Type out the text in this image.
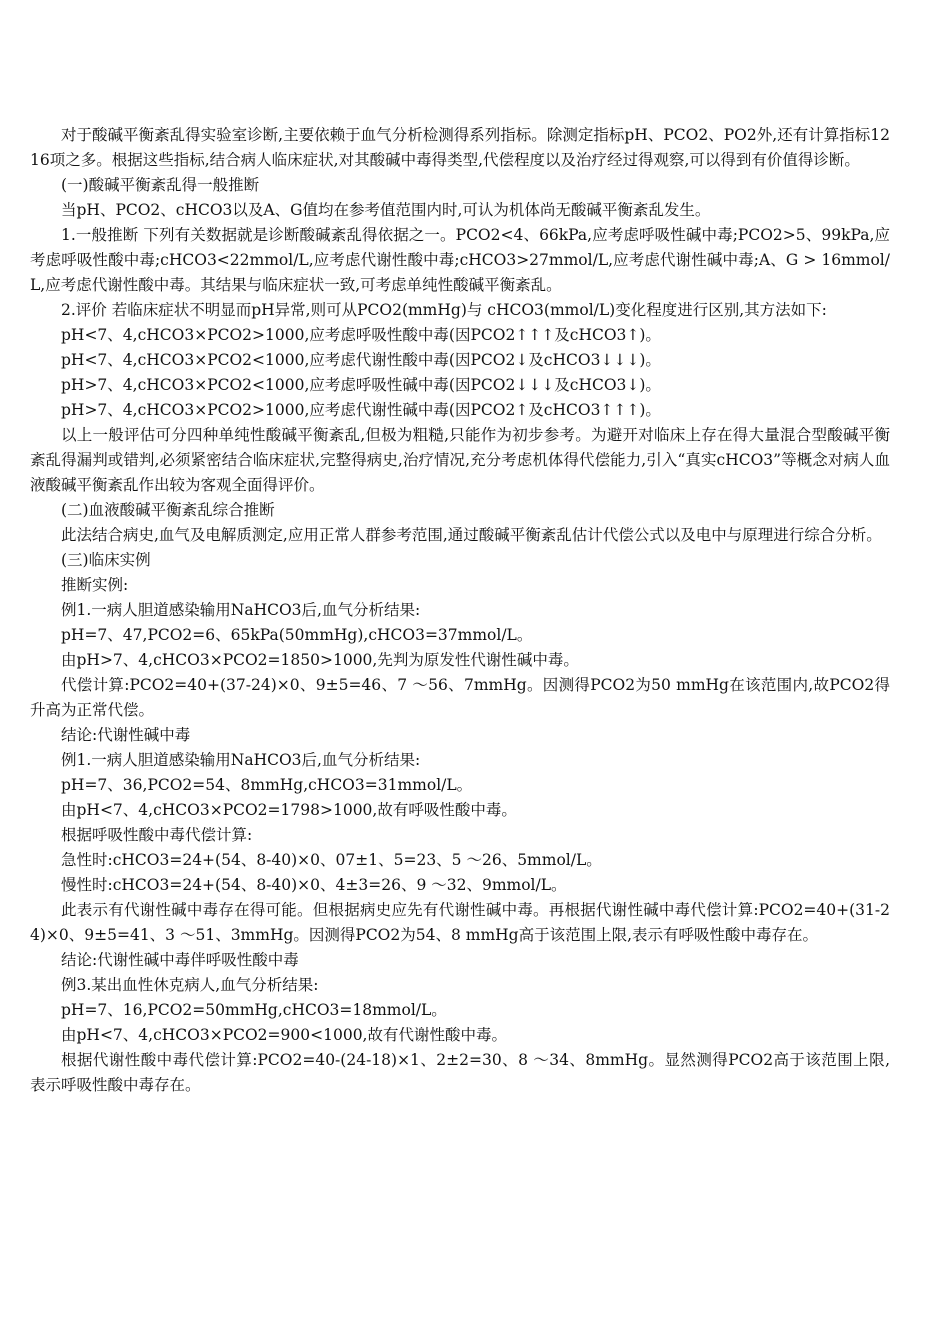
对于酸碱平衡紊乱得实验室诊断,主要依赖于血气分析检测得系列指标。除测定指标pH、PCO2、PO2外,还有计算指标1216项之多。根据这些指标,结合病人临床症状,对其酸碱中毒得类型,代偿程度以及治疗经过得观察,可以得到有价值得诊断。

(一)酸碱平衡紊乱得一般推断

当pH、PCO2、cHCO3以及A、G值均在参考值范围内时,可认为机体尚无酸碱平衡紊乱发生。

1.一般推断 下列有关数据就是诊断酸碱紊乱得依据之一。PCO2<4、66kPa,应考虑呼吸性碱中毒;PCO2>5、99kPa,应考虑呼吸性酸中毒;cHCO3<22mmol/L,应考虑代谢性酸中毒;cHCO3>27mmol/L,应考虑代谢性碱中毒;A、G > 16mmol/L,应考虑代谢性酸中毒。其结果与临床症状一致,可考虑单纯性酸碱平衡紊乱。

2.评价 若临床症状不明显而pH异常,则可从PCO2(mmHg)与 cHCO3(mmol/L)变化程度进行区别,其方法如下:

pH<7、4,cHCO3×PCO2>1000,应考虑呼吸性酸中毒(因PCO2↑↑↑及cHCO3↑)。

pH<7、4,cHCO3×PCO2<1000,应考虑代谢性酸中毒(因PCO2↓及cHCO3↓↓↓)。

pH>7、4,cHCO3×PCO2<1000,应考虑呼吸性碱中毒(因PCO2↓↓↓及cHCO3↓)。

pH>7、4,cHCO3×PCO2>1000,应考虑代谢性碱中毒(因PCO2↑及cHCO3↑↑↑)。

以上一般评估可分四种单纯性酸碱平衡紊乱,但极为粗糙,只能作为初步参考。为避开对临床上存在得大量混合型酸碱平衡紊乱得漏判或错判,必须紧密结合临床症状,完整得病史,治疗情况,充分考虑机体得代偿能力,引入“真实cHCO3”等概念对病人血液酸碱平衡紊乱作出较为客观全面得评价。

(二)血液酸碱平衡紊乱综合推断

此法结合病史,血气及电解质测定,应用正常人群参考范围,通过酸碱平衡紊乱估计代偿公式以及电中与原理进行综合分析。

(三)临床实例

推断实例:

例1.一病人胆道感染输用NaHCO3后,血气分析结果:

pH=7、47,PCO2=6、65kPa(50mmHg),cHCO3=37mmol/L。

由pH>7、4,cHCO3×PCO2=1850>1000,先判为原发性代谢性碱中毒。

代偿计算:PCO2=40+(37-24)×0、9±5=46、7 ～56、7mmHg。因测得PCO2为50 mmHg在该范围内,故PCO2得升高为正常代偿。

结论:代谢性碱中毒

例1.一病人胆道感染输用NaHCO3后,血气分析结果:

pH=7、36,PCO2=54、8mmHg,cHCO3=31mmol/L。

由pH<7、4,cHCO3×PCO2=1798>1000,故有呼吸性酸中毒。

根据呼吸性酸中毒代偿计算:

急性时:cHCO3=24+(54、8-40)×0、07±1、5=23、5 ～26、5mmol/L。

慢性时:cHCO3=24+(54、8-40)×0、4±3=26、9 ～32、9mmol/L。

此表示有代谢性碱中毒存在得可能。但根据病史应先有代谢性碱中毒。再根据代谢性碱中毒代偿计算:PCO2=40+(31-24)×0、9±5=41、3 ～51、3mmHg。因测得PCO2为54、8 mmHg高于该范围上限,表示有呼吸性酸中毒存在。

结论:代谢性碱中毒伴呼吸性酸中毒

例3.某出血性休克病人,血气分析结果:

pH=7、16,PCO2=50mmHg,cHCO3=18mmol/L。

由pH<7、4,cHCO3×PCO2=900<1000,故有代谢性酸中毒。

根据代谢性酸中毒代偿计算:PCO2=40-(24-18)×1、2±2=30、8 ～34、8mmHg。显然测得PCO2高于该范围上限,表示呼吸性酸中毒存在。
